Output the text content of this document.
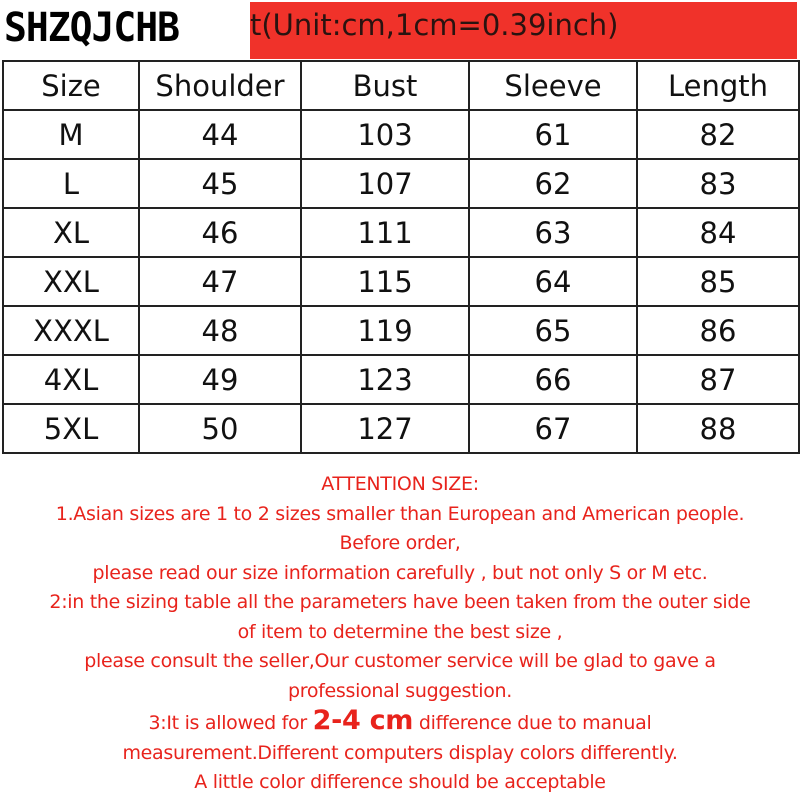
t(Unit:cm,1cm=0.39inch)
SHZQJCHB
Size	Shoulder	Bust	Sleeve	Length
M	44	103	61	82
L	45	107	62	83
XL	46	111	63	84
XXL	47	115	64	85
XXXL	48	119	65	86
4XL	49	123	66	87
5XL	50	127	67	88
ATTENTION SIZE:
1.Asian sizes are 1 to 2 sizes smaller than European and American people.
Before order,
please read our size information carefully , but not only S or M etc.
2:in the sizing table all the parameters have been taken from the outer side
of item to determine the best size ,
please consult the seller,Our customer service will be glad to gave a
professional suggestion.
3:It is allowed for 2-4 cm difference due to manual
measurement.Different computers display colors differently.
A little color difference should be acceptable
